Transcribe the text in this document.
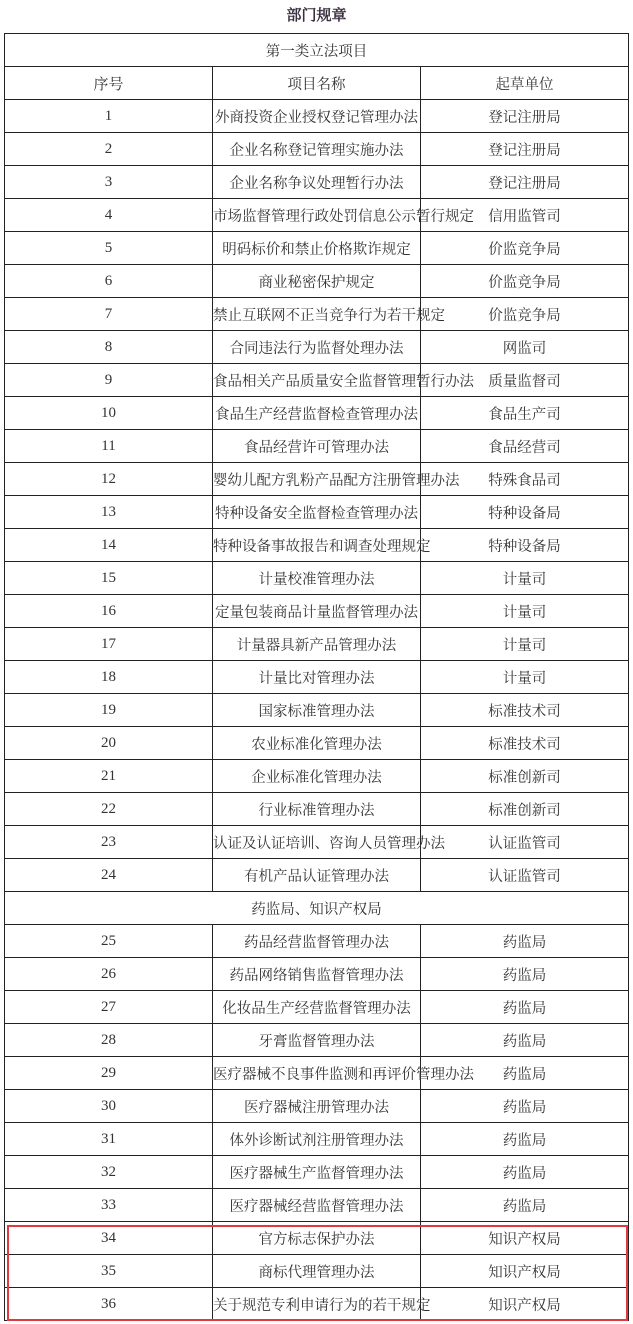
部门规章
第一类立法项目		
序号	项目名称	起草单位
1	外商投资企业授权登记管理办法	登记注册局
2	企业名称登记管理实施办法	登记注册局
3	企业名称争议处理暂行办法	登记注册局
4	市场监督管理行政处罚信息公示暂行规定	信用监管司
5	明码标价和禁止价格欺诈规定	价监竞争局
6	商业秘密保护规定	价监竞争局
7	禁止互联网不正当竞争行为若干规定	价监竞争局
8	合同违法行为监督处理办法	网监司
9	食品相关产品质量安全监督管理暂行办法	质量监督司
10	食品生产经营监督检查管理办法	食品生产司
11	食品经营许可管理办法	食品经营司
12	婴幼儿配方乳粉产品配方注册管理办法	特殊食品司
13	特种设备安全监督检查管理办法	特种设备局
14	特种设备事故报告和调查处理规定	特种设备局
15	计量校准管理办法	计量司
16	定量包装商品计量监督管理办法	计量司
17	计量器具新产品管理办法	计量司
18	计量比对管理办法	计量司
19	国家标准管理办法	标准技术司
20	农业标准化管理办法	标准技术司
21	企业标准化管理办法	标准创新司
22	行业标准管理办法	标准创新司
23	认证及认证培训、咨询人员管理办法	认证监管司
24	有机产品认证管理办法	认证监管司
药监局、知识产权局		
25	药品经营监督管理办法	药监局
26	药品网络销售监督管理办法	药监局
27	化妆品生产经营监督管理办法	药监局
28	牙膏监督管理办法	药监局
29	医疗器械不良事件监测和再评价管理办法	药监局
30	医疗器械注册管理办法	药监局
31	体外诊断试剂注册管理办法	药监局
32	医疗器械生产监督管理办法	药监局
33	医疗器械经营监督管理办法	药监局
34	官方标志保护办法	知识产权局
35	商标代理管理办法	知识产权局
36	关于规范专利申请行为的若干规定	知识产权局
